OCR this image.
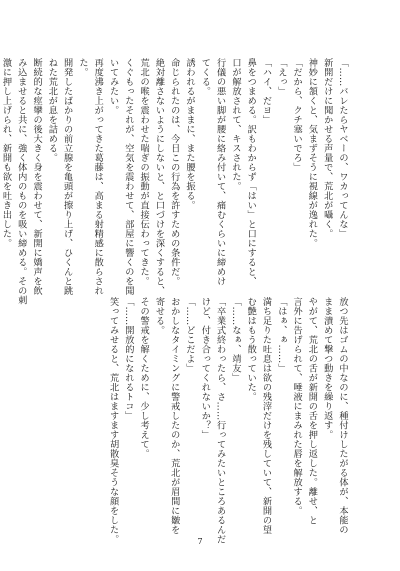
「……バレたらヤベーの、ワカってんな」
新開だけに聞かせる声量で、荒北が囁く。
神妙に頷くと、気まずそうに視線が逸れた。
「だから、クチ塞いでろ」
「えっ」
「ハイ、だヨ」
鼻をつまめる。訳もわからず「はい」と口にすると、
口が解放されて、キスされた。
行儀の悪い脚が腰に絡み付いて、痛むくらいに締めけ
てくる。
誘われるがままに、また腰を振る。
命じられたのは、今日この行為を許すための条件だ。
絶対離さないようにしないと、と口づけを深くすると、
荒北の喉を震わせた喘ぎの振動が直接伝わってきた。
くぐもったそれが、空気を震わせて、部屋に響くのを聞
いてみたい。
再度沸き上がってきた葛藤は、高まる射精感に散らされ
た。
開発したばかりの前立腺を亀頭が擦り上げ、ひくんと跳
ねた荒北が息を詰める。
断続的な痙攣の後大きく身を震わせて、新開に嬌声を飲
み込ませると共に、強く体内のものを吸い締める。その刺
激に押し上げられ、新開も欲を吐き出した。
放つ先はゴムの中なのに、種付けしたがる体が、本能の
まま潰めて撃つ動きを繰り返す。
やがて、荒北の舌が新開の舌を押し返した。離せ、と
言外に告げられて、唾液にまみれた唇を解放する。
「はぁ、ぁ……」
満ち足りた吐息は欲の残滓だけを残していて、新開の望
む艶はもう散っていた。
「……なぁ、靖友」
「卒業式終わったら、さ……行ってみたいところあるんだ
けど、付き合ってくれないか？」
「……どこだよ」
おかしなタイミングに警戒したのか、荒北が眉間に皺を
寄せる。
その警戒を解くために、少し考えて。
「……開放的になれるトコ」
笑ってみせると、荒北はますます胡散臭そうな顔をした。	7
